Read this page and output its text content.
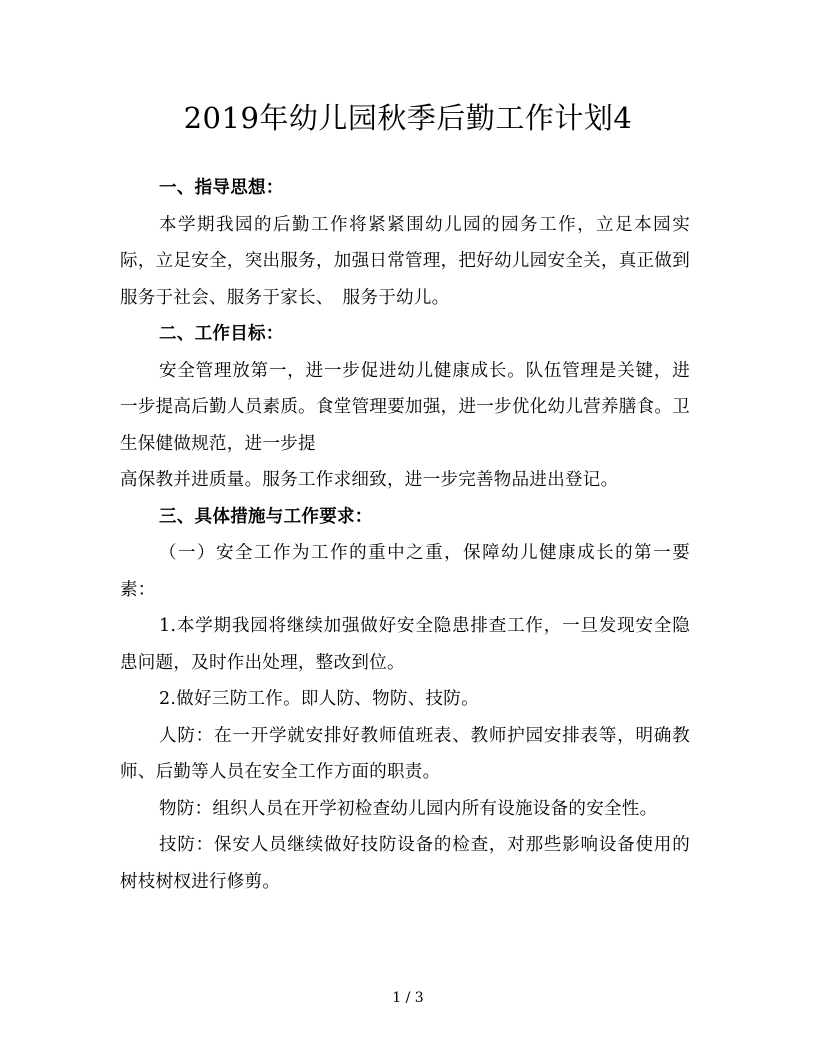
2019年幼儿园秋季后勤工作计划4

一、指导思想：

本学期我园的后勤工作将紧紧围幼儿园的园务工作，立足本园实际，立足安全，突出服务，加强日常管理，把好幼儿园安全关，真正做到服务于社会、服务于家长、　服务于幼儿。

二、工作目标：

安全管理放第一，进一步促进幼儿健康成长。队伍管理是关键，进一步提高后勤人员素质。食堂管理要加强，进一步优化幼儿营养膳食。卫生保健做规范，进一步提

高保教并进质量。服务工作求细致，进一步完善物品进出登记。

三、具体措施与工作要求：

（一）安全工作为工作的重中之重，保障幼儿健康成长的第一要素：

1.本学期我园将继续加强做好安全隐患排查工作，一旦发现安全隐患问题，及时作出处理，整改到位。

2.做好三防工作。即人防、物防、技防。

人防：在一开学就安排好教师值班表、教师护园安排表等，明确教师、后勤等人员在安全工作方面的职责。

物防：组织人员在开学初检查幼儿园内所有设施设备的安全性。

技防：保安人员继续做好技防设备的检查，对那些影响设备使用的树枝树杈进行修剪。

1 / 3
